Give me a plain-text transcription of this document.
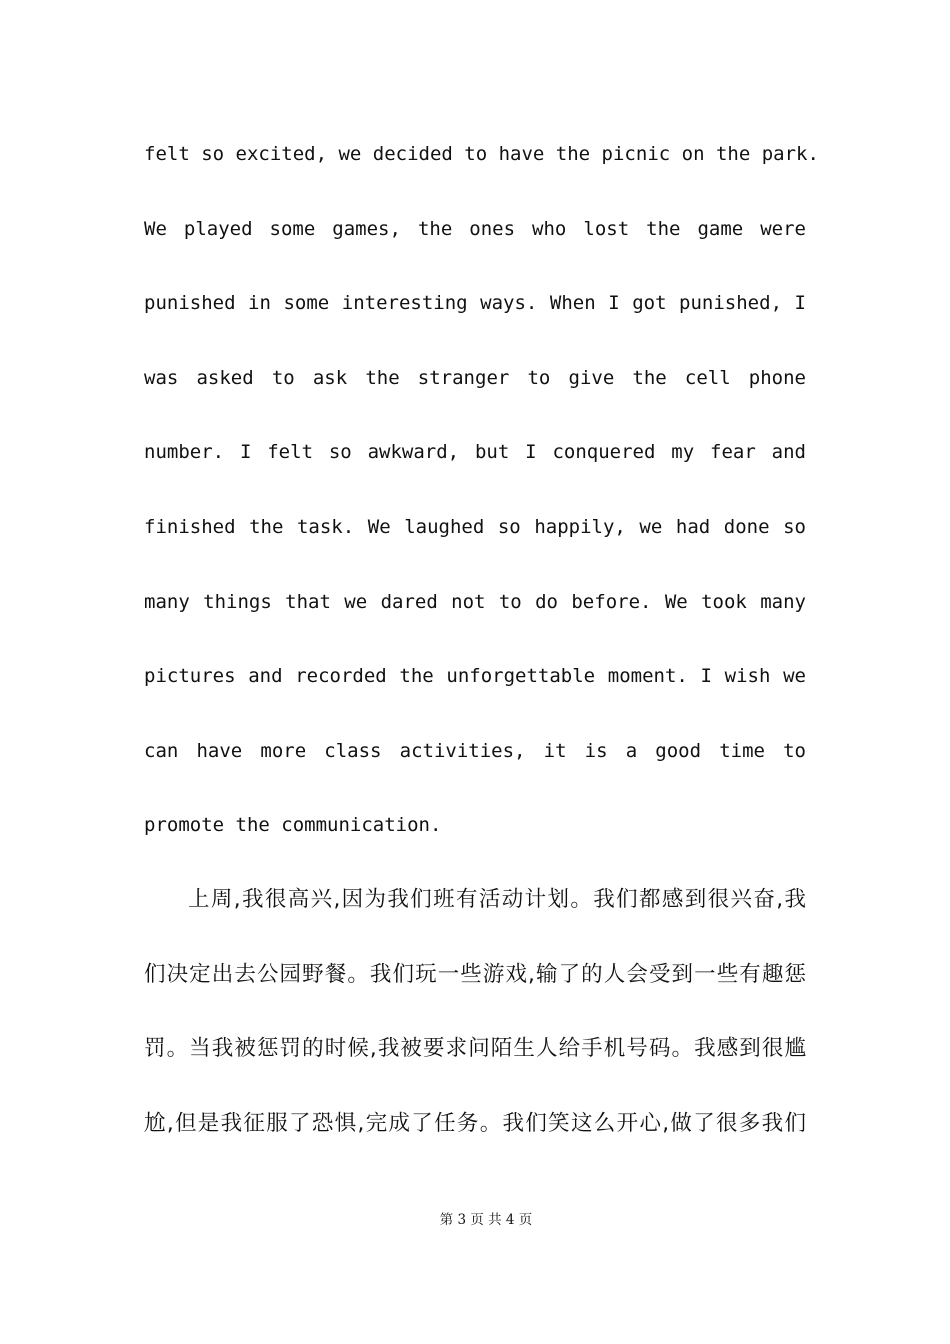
felt so excited, we decided to have the picnic on the park.
We played some games, the ones who lost the game were
punished in some interesting ways. When I got punished, I
was asked to ask the stranger to give the cell phone
number. I felt so awkward, but I conquered my fear and
finished the task. We laughed so happily, we had done so
many things that we dared not to do before. We took many
pictures and recorded the unforgettable moment. I wish we
can have more class activities, it is a good time to
promote the communication.
上周,我很高兴,因为我们班有活动计划。我们都感到很兴奋,我
们决定出去公园野餐。我们玩一些游戏,输了的人会受到一些有趣惩
罚。当我被惩罚的时候,我被要求问陌生人给手机号码。我感到很尴
尬,但是我征服了恐惧,完成了任务。我们笑这么开心,做了很多我们
第 3 页 共 4 页
